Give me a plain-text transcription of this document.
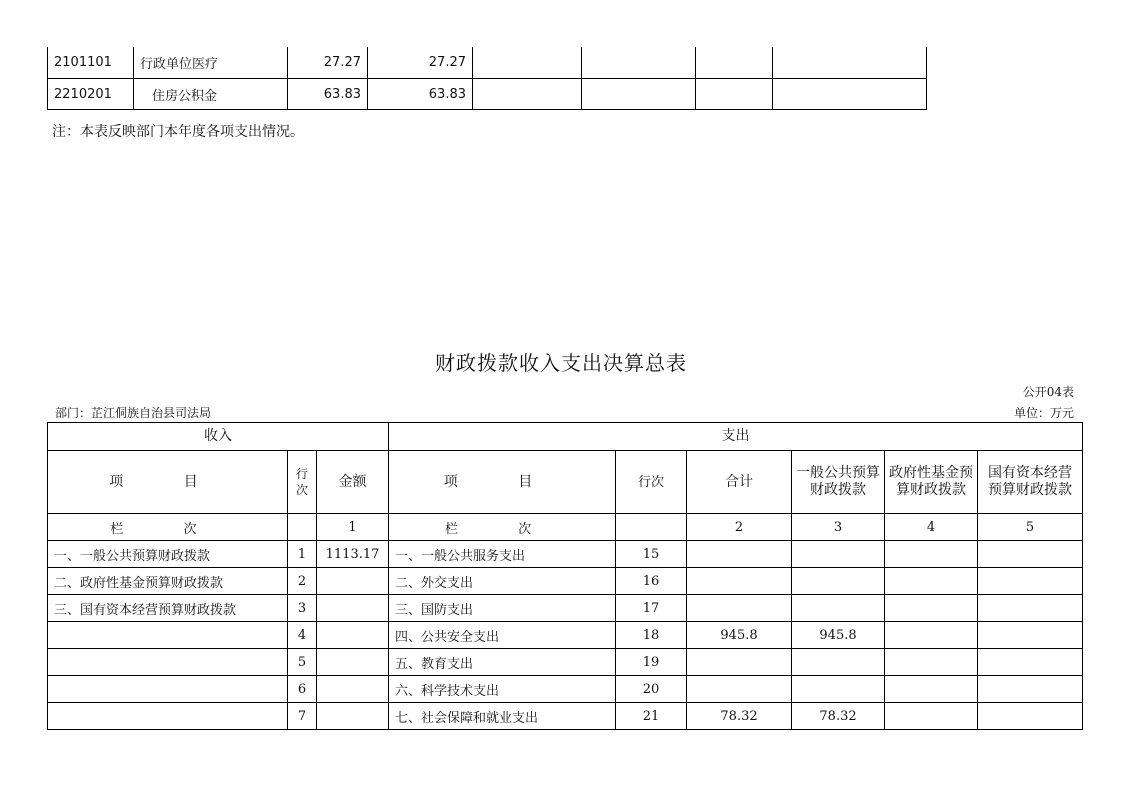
2101101	行政单位医疗	27.27	27.27				
2210201	住房公积金	63.83	63.83				
注：本表反映部门本年度各项支出情况。
财政拨款收入支出决算总表
公开04表
部门：芷江侗族自治县司法局	单位：万元
收入			支出					
项 目	行次	金额	项 目	行次	合计	一般公共预算财政拨款	政府性基金预算财政拨款	国有资本经营预算财政拨款
栏 次		1	栏 次		2	3	4	5
一、一般公共预算财政拨款	1	1113.17	一、一般公共服务支出	15				
二、政府性基金预算财政拨款	2		二、外交支出	16				
三、国有资本经营预算财政拨款	3		三、国防支出	17				
	4		四、公共安全支出	18	945.8	945.8		
	5		五、教育支出	19				
	6		六、科学技术支出	20				
	7		七、社会保障和就业支出	21	78.32	78.32		
